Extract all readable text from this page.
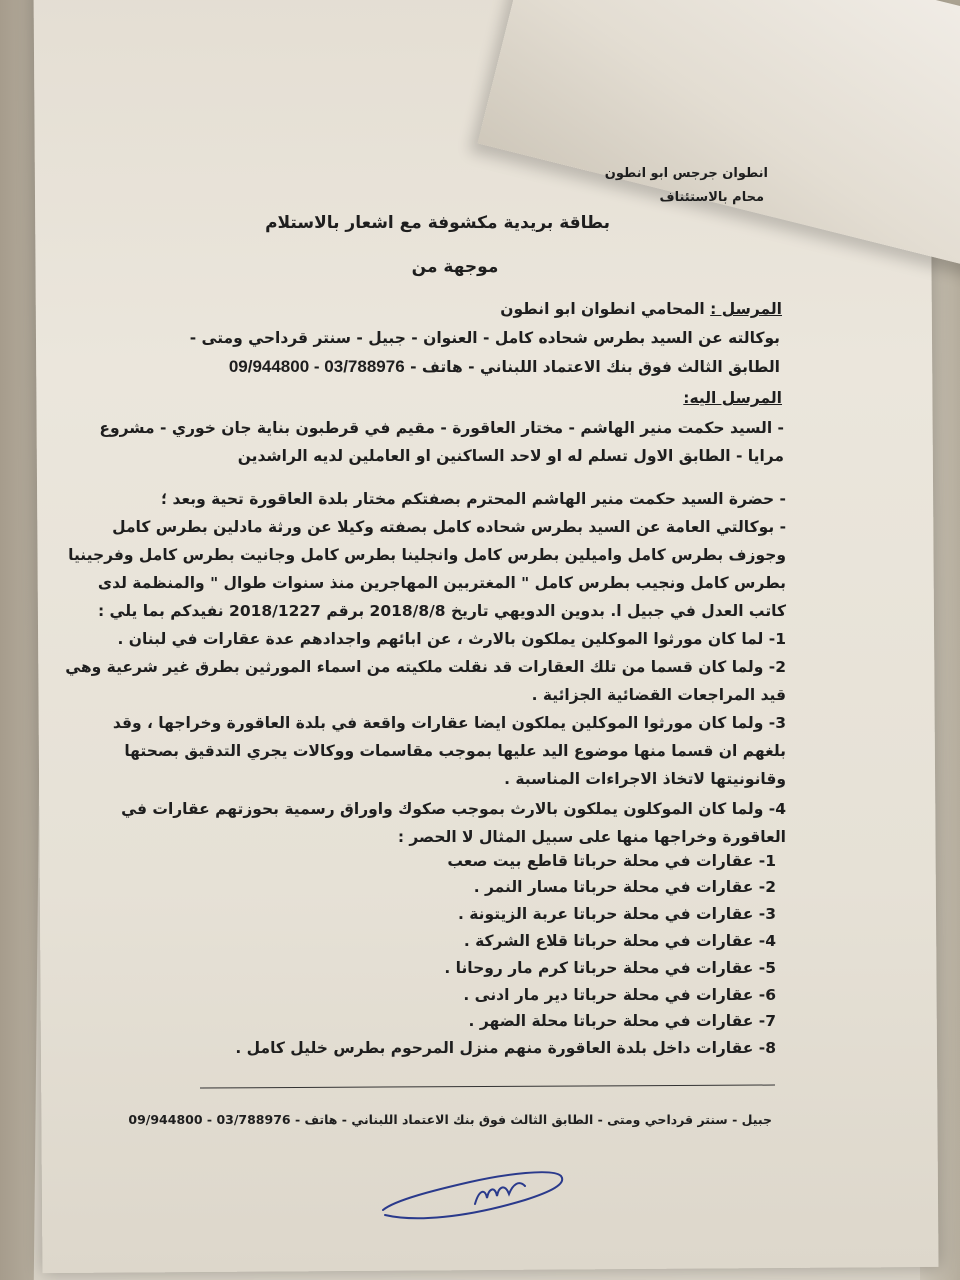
انطوان جرجس ابو انطون
محام بالاستئناف
بطاقة بريدية مكشوفة مع اشعار بالاستلام
موجهة من
المرسل : المحامي انطوان ابو انطون
بوكالته عن السيد بطرس شحاده كامل - العنوان - جبيل - سنتر قرداحي ومتى -
الطابق الثالث فوق بنك الاعتماد اللبناني - هاتف - 03/788976 - 09/944800
المرسل اليه:
- السيد حكمت منير الهاشم - مختار العاقورة - مقيم في قرطبون بناية جان خوري - مشروع
مرايا - الطابق الاول تسلم له او لاحد الساكنين او العاملين لديه الراشدين
- حضرة السيد حكمت منير الهاشم المحترم بصفتكم مختار بلدة العاقورة تحية وبعد ؛
- بوكالتي العامة عن السيد بطرس شحاده كامل بصفته وكيلا عن ورثة مادلين بطرس كامل
وجوزف بطرس كامل واميلين بطرس كامل وانجلينا بطرس كامل وجانيت بطرس كامل وفرجينيا
بطرس كامل ونجيب بطرس كامل " المغتربين المهاجرين منذ سنوات طوال " والمنظمة لدى
كاتب العدل في جبيل ا. بدوين الدويهي تاريخ 2018/8/8 برقم 2018/1227 نفيدكم بما يلي :
1- لما كان مورثوا الموكلين يملكون بالارث ، عن ابائهم واجدادهم عدة عقارات في لبنان .
2- ولما كان قسما من تلك العقارات قد نقلت ملكيته من اسماء المورثين بطرق غير شرعية وهي
قيد المراجعات القضائية الجزائية .
3- ولما كان مورثوا الموكلين يملكون ايضا عقارات واقعة في بلدة العاقورة وخراجها ، وقد
بلغهم ان قسما منها موضوع اليد عليها بموجب مقاسمات ووكالات يجري التدقيق بصحتها
وقانونيتها لاتخاذ الاجراءات المناسبة .
4- ولما كان الموكلون يملكون بالارث بموجب صكوك واوراق رسمية بحوزتهم عقارات في
العاقورة وخراجها منها على سبيل المثال لا الحصر :
1- عقارات في محلة حرباتا قاطع بيت صعب
2- عقارات في محلة حرباتا مسار النمر .
3- عقارات في محلة حرباتا عربة الزيتونة .
4- عقارات في محلة حرباتا قلاع الشركة .
5- عقارات في محلة حرباتا كرم مار روحانا .
6- عقارات في محلة حرباتا دير مار ادنى .
7- عقارات في محلة حرباتا محلة الضهر .
8- عقارات داخل بلدة العاقورة منهم منزل المرحوم بطرس خليل كامل .
جبيل - سنتر قرداحي ومتى - الطابق الثالث فوق بنك الاعتماد اللبناني - هاتف - 03/788976 - 09/944800
